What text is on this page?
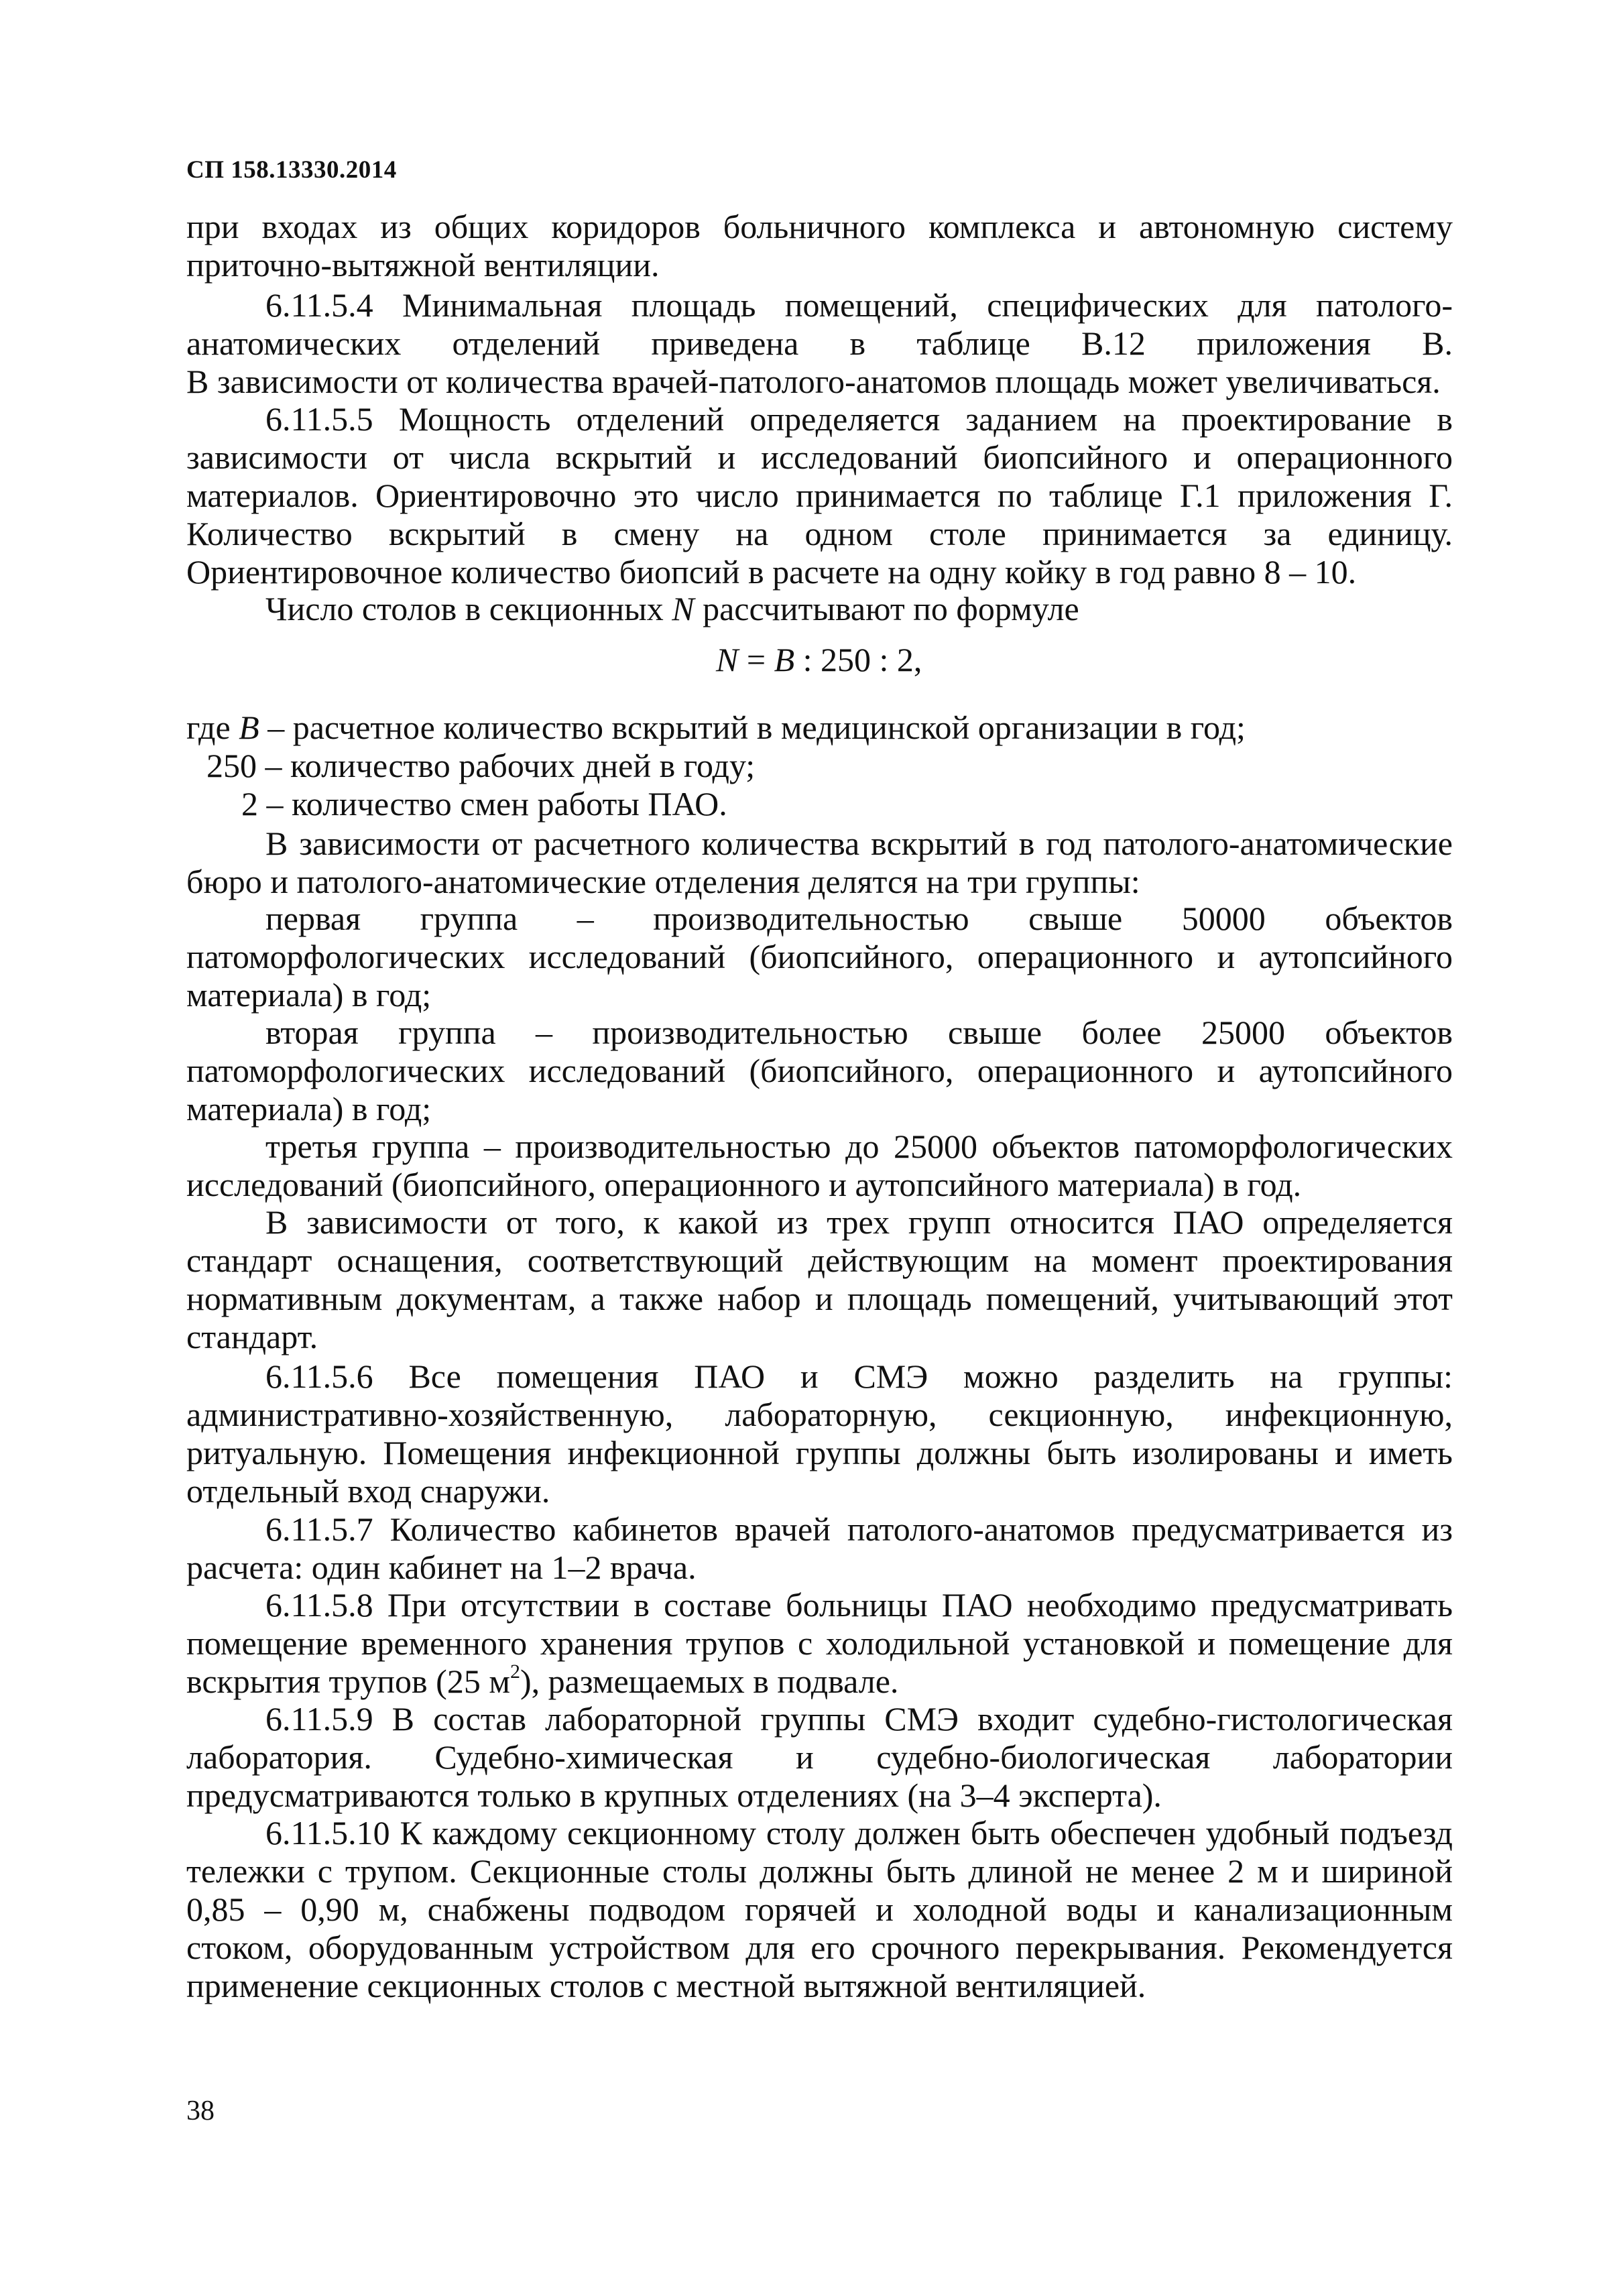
СП 158.13330.2014
при входах из общих коридоров больничного комплекса и автономную систему
приточно-вытяжной вентиляции.
6.11.5.4 Минимальная площадь помещений, специфических для патолого-
анатомических отделений приведена в таблице В.12 приложения В.
В зависимости от количества врачей-патолого-анатомов площадь может увеличиваться.
6.11.5.5 Мощность отделений определяется заданием на проектирование в
зависимости от числа вскрытий и исследований биопсийного и операционного
материалов. Ориентировочно это число принимается по таблице Г.1 приложения Г.
Количество вскрытий в смену на одном столе принимается за единицу.
Ориентировочное количество биопсий в расчете на одну койку в год равно 8 – 10.
Число столов в секционных N рассчитывают по формуле
N = B : 250 : 2,
где B – расчетное количество вскрытий в медицинской организации в год;
250 – количество рабочих дней в году;
2 – количество смен работы ПАО.
В зависимости от расчетного количества вскрытий в год патолого-анатомические
бюро и патолого-анатомические отделения делятся на три группы:
первая группа – производительностью свыше 50000 объектов
патоморфологических исследований (биопсийного, операционного и аутопсийного
материала) в год;
вторая группа – производительностью свыше более 25000 объектов
патоморфологических исследований (биопсийного, операционного и аутопсийного
материала) в год;
третья группа – производительностью до 25000 объектов патоморфологических
исследований (биопсийного, операционного и аутопсийного материала) в год.
В зависимости от того, к какой из трех групп относится ПАО определяется
стандарт оснащения, соответствующий действующим на момент проектирования
нормативным документам, а также набор и площадь помещений, учитывающий этот
стандарт.
6.11.5.6 Все помещения ПАО и СМЭ можно разделить на группы:
административно-хозяйственную, лабораторную, секционную, инфекционную,
ритуальную. Помещения инфекционной группы должны быть изолированы и иметь
отдельный вход снаружи.
6.11.5.7 Количество кабинетов врачей патолого-анатомов предусматривается из
расчета: один кабинет на 1–2 врача.
6.11.5.8 При отсутствии в составе больницы ПАО необходимо предусматривать
помещение временного хранения трупов с холодильной установкой и помещение для
вскрытия трупов (25 $м^2$), размещаемых в подвале.
6.11.5.9 В состав лабораторной группы СМЭ входит судебно-гистологическая
лаборатория. Судебно-химическая и судебно-биологическая лаборатории
предусматриваются только в крупных отделениях (на 3–4 эксперта).
6.11.5.10 К каждому секционному столу должен быть обеспечен удобный подъезд
тележки с трупом. Секционные столы должны быть длиной не менее 2 м и шириной
0,85 – 0,90 м, снабжены подводом горячей и холодной воды и канализационным
стоком, оборудованным устройством для его срочного перекрывания. Рекомендуется
применение секционных столов с местной вытяжной вентиляцией.
38
